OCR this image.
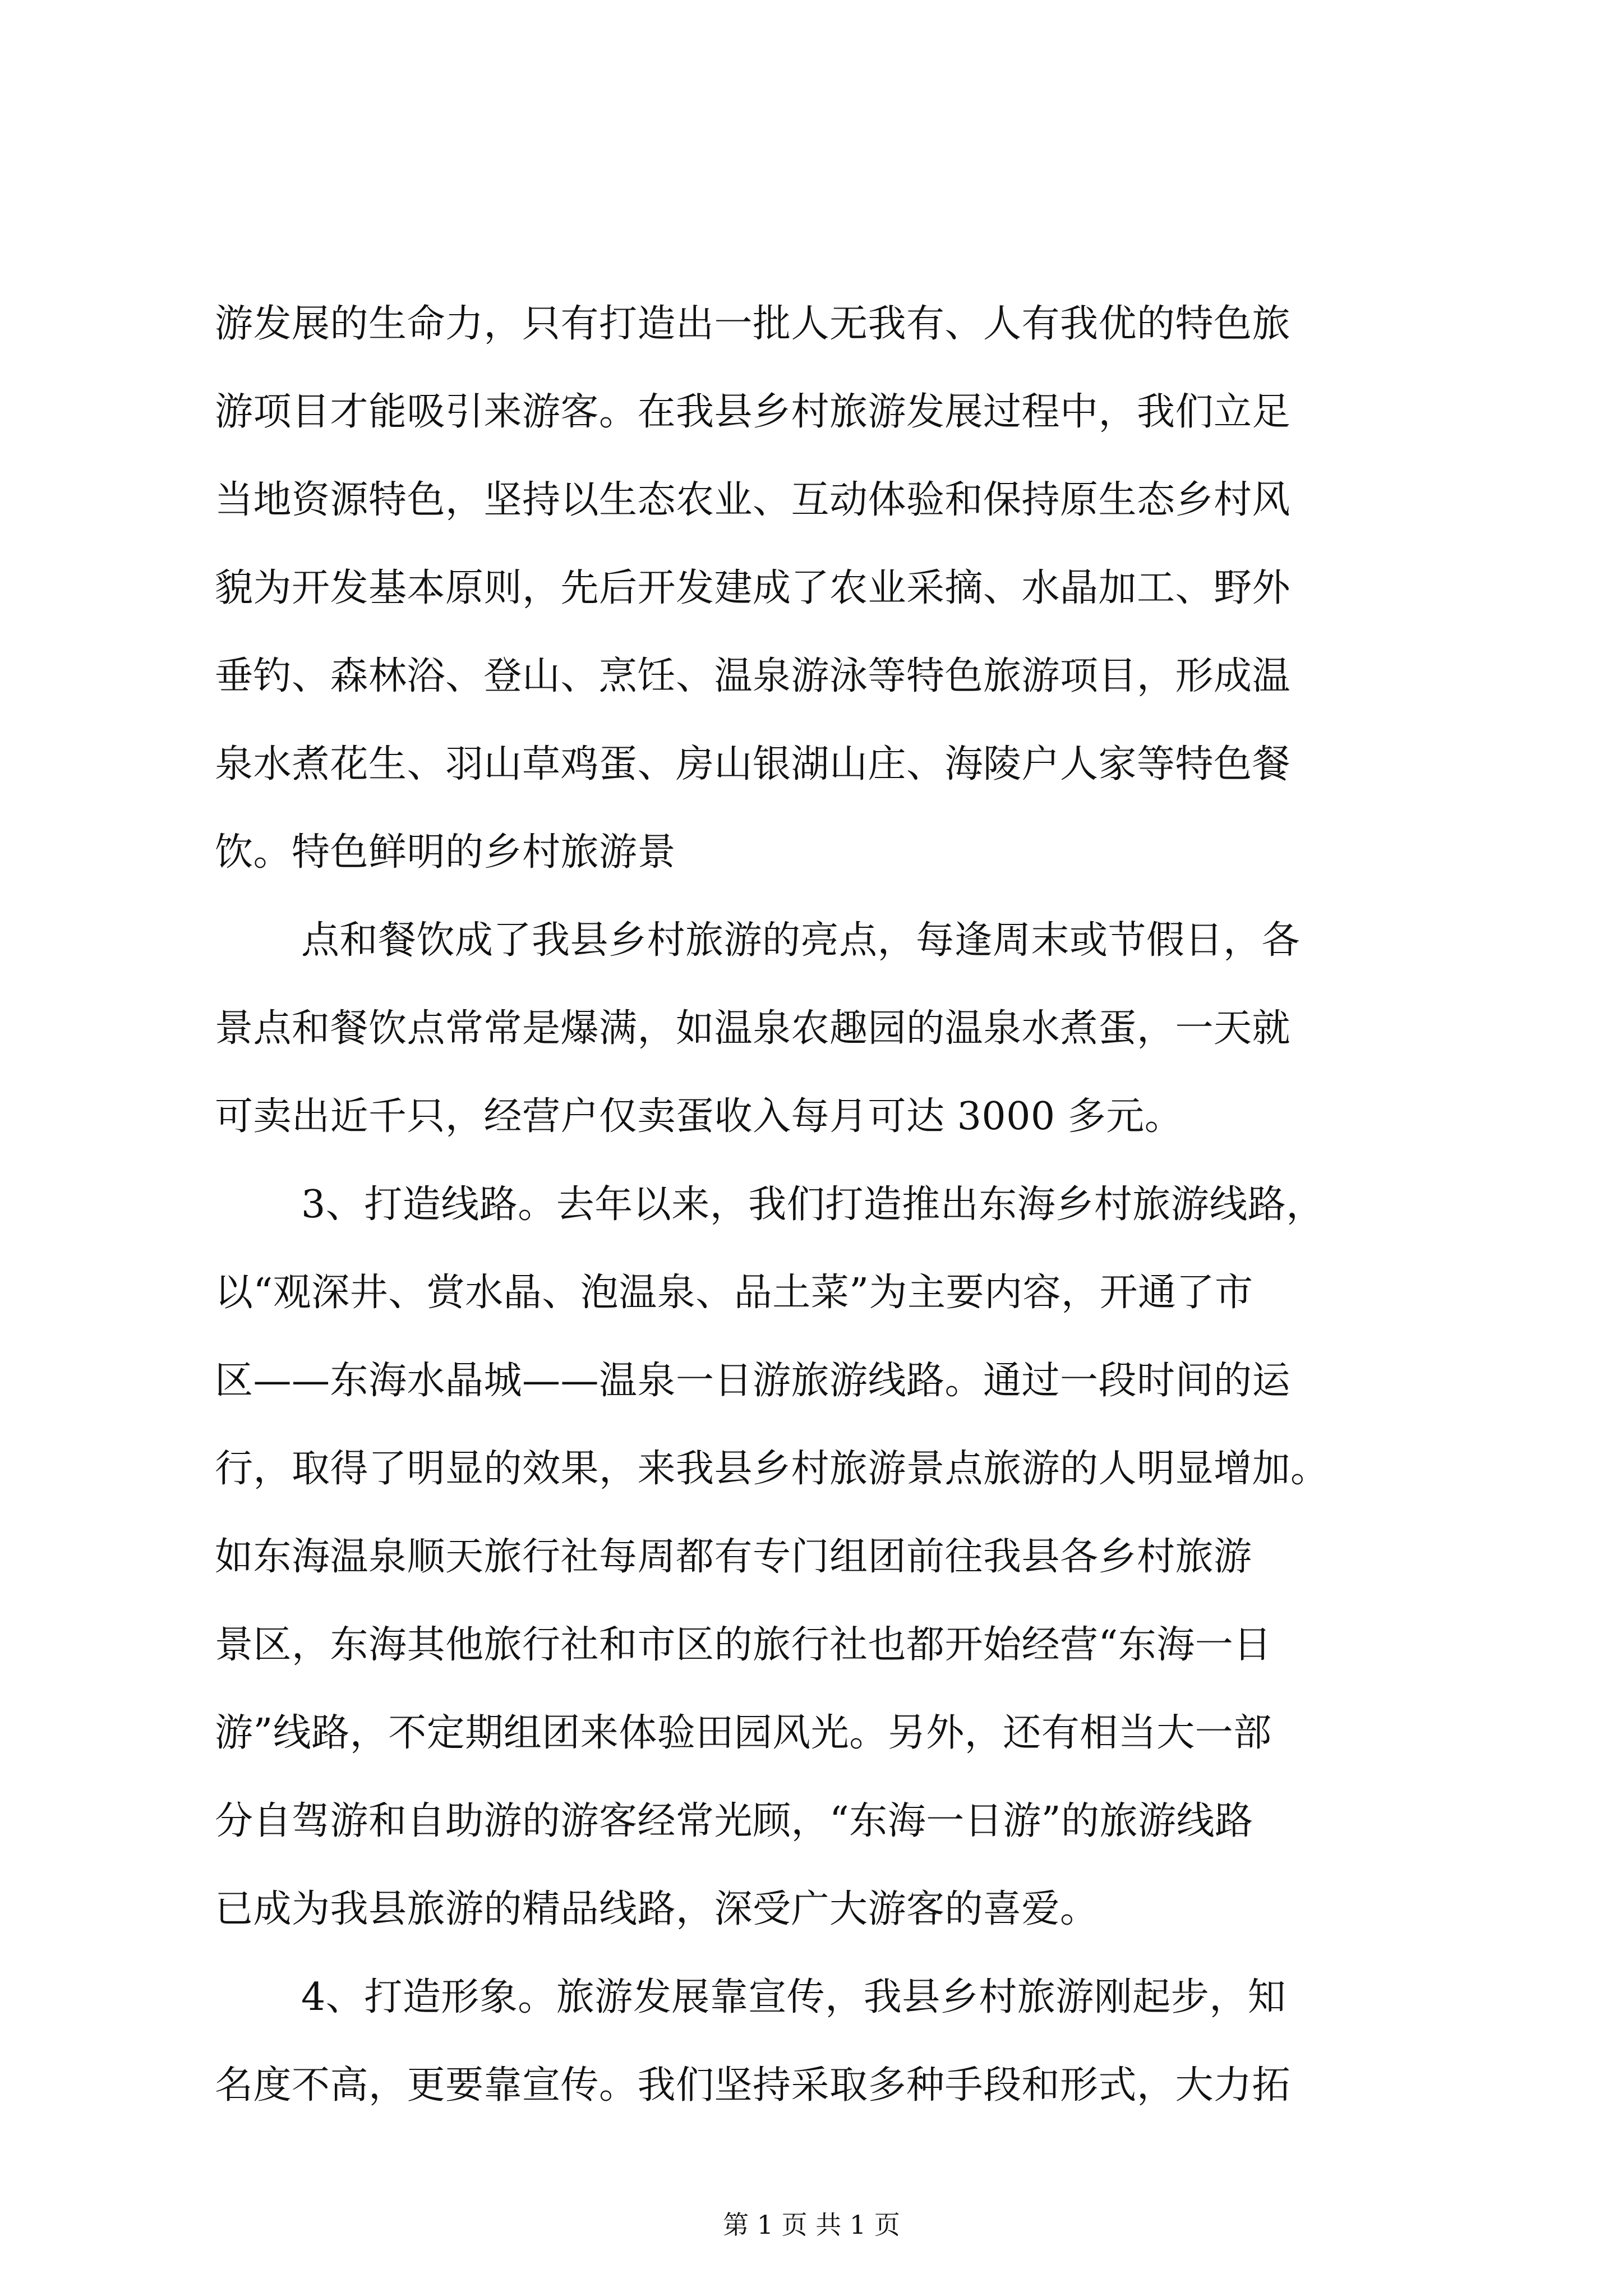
游发展的生命力，只有打造出一批人无我有、人有我优的特色旅
游项目才能吸引来游客。在我县乡村旅游发展过程中，我们立足
当地资源特色，坚持以生态农业、互动体验和保持原生态乡村风
貌为开发基本原则，先后开发建成了农业采摘、水晶加工、野外
垂钓、森林浴、登山、烹饪、温泉游泳等特色旅游项目，形成温
泉水煮花生、羽山草鸡蛋、房山银湖山庄、海陵户人家等特色餐
饮。特色鲜明的乡村旅游景
点和餐饮成了我县乡村旅游的亮点，每逢周末或节假日，各
景点和餐饮点常常是爆满，如温泉农趣园的温泉水煮蛋，一天就
可卖出近千只，经营户仅卖蛋收入每月可达 3000 多元。
3、打造线路。去年以来，我们打造推出东海乡村旅游线路，
以“观深井、赏水晶、泡温泉、品土菜”为主要内容，开通了市
区——东海水晶城——温泉一日游旅游线路。通过一段时间的运
行，取得了明显的效果，来我县乡村旅游景点旅游的人明显增加。
如东海温泉顺天旅行社每周都有专门组团前往我县各乡村旅游
景区，东海其他旅行社和市区的旅行社也都开始经营“东海一日
游”线路，不定期组团来体验田园风光。另外，还有相当大一部
分自驾游和自助游的游客经常光顾，“东海一日游”的旅游线路
已成为我县旅游的精品线路，深受广大游客的喜爱。
4、打造形象。旅游发展靠宣传，我县乡村旅游刚起步，知
名度不高，更要靠宣传。我们坚持采取多种手段和形式，大力拓
第 1 页 共 1 页
